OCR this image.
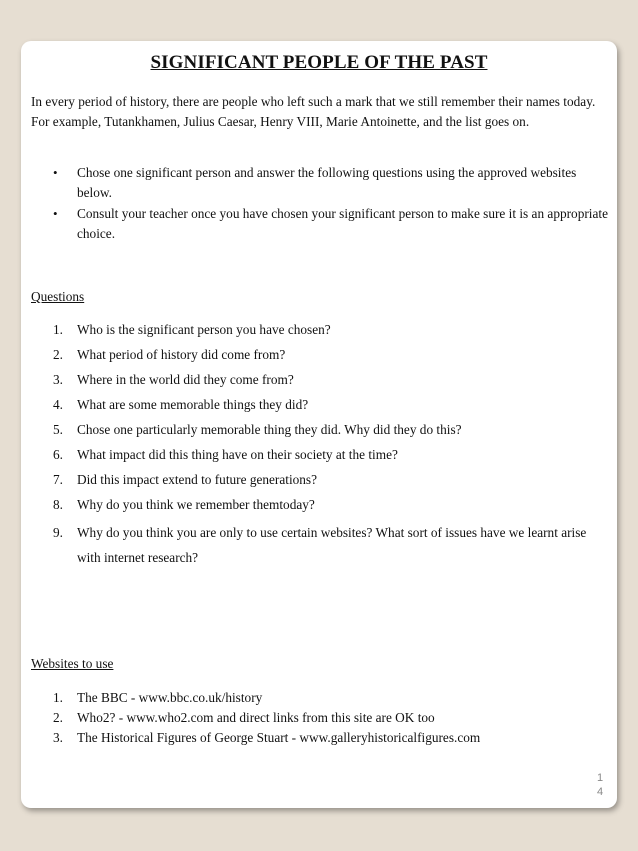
SIGNIFICANT PEOPLE OF THE PAST

In every period of history, there are people who left such a mark that we still remember their names today. For example, Tutankhamen, Julius Caesar, Henry VIII, Marie Antoinette, and the list goes on.

• Chose one significant person and answer the following questions using the approved websites below.
• Consult your teacher once you have chosen your significant person to make sure it is an appropriate choice.
Questions
1. Who is the significant person you have chosen?
2. What period of history did come from?
3. Where in the world did they come from?
4. What are some memorable things they did?
5. Chose one particularly memorable thing they did. Why did they do this?
6. What impact did this thing have on their society at the time?
7. Did this impact extend to future generations?
8. Why do you think we remember themtoday?
9. Why do you think you are only to use certain websites? What sort of issues have we learnt arise with internet research?
Websites to use
1. The BBC - www.bbc.co.uk/history
2. Who2? - www.who2.com and direct links from this site are OK too
3. The Historical Figures of George Stuart - www.galleryhistoricalfigures.com
1
4
